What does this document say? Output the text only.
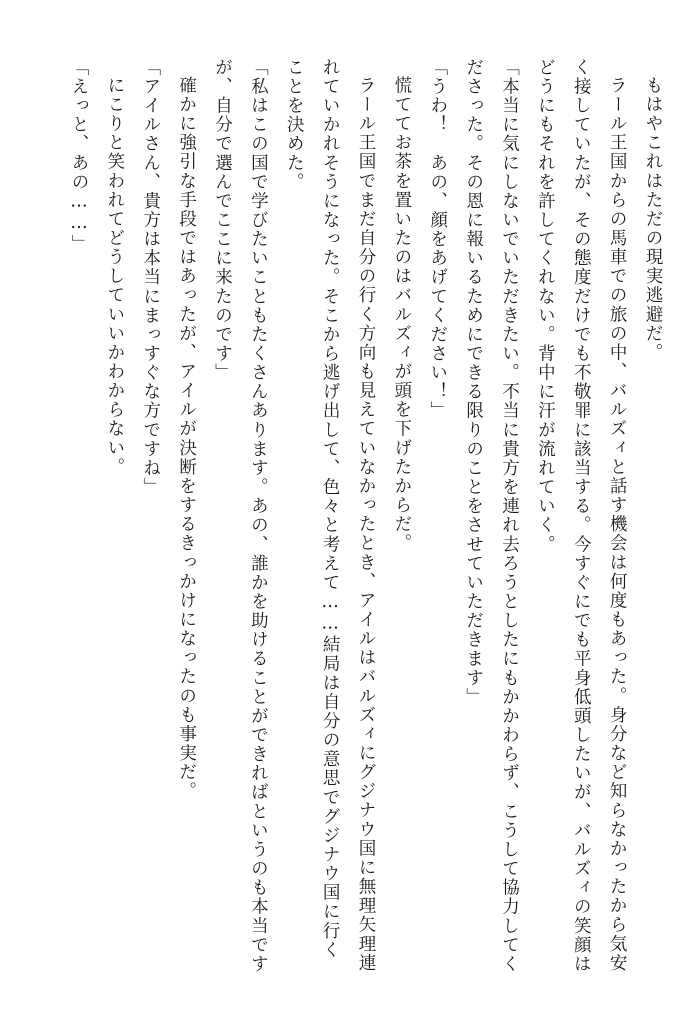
もはやこれはただの現実逃避だ。

ラール王国からの馬車での旅の中、バルズィと話す機会は何度もあった。身分など知らなかったから気安く接していたが、その態度だけでも不敬罪に該当する。今すぐにでも平身低頭したいが、バルズィの笑顔はどうにもそれを許してくれない。背中に汗が流れていく。

「本当に気にしないでいただきたい。不当に貴方を連れ去ろうとしたにもかかわらず、こうして協力してくださった。その恩に報いるためにできる限りのことをさせていただきます」

「うわ！　あの、顔をあげてください！」

慌ててお茶を置いたのはバルズィが頭を下げたからだ。

ラール王国でまだ自分の行く方向も見えていなかったとき、アイルはバルズィにグジナウ国に無理矢理連れていかれそうになった。そこから逃げ出して、色々と考えて……結局は自分の意思でグジナウ国に行くことを決めた。

「私はこの国で学びたいこともたくさんあります。あの、誰かを助けることができればというのも本当ですが、自分で選んでここに来たのです」

確かに強引な手段ではあったが、アイルが決断をするきっかけになったのも事実だ。

「アイルさん、貴方は本当にまっすぐな方ですね」

にこりと笑われてどうしていいかわからない。

「えっと、あの……」
